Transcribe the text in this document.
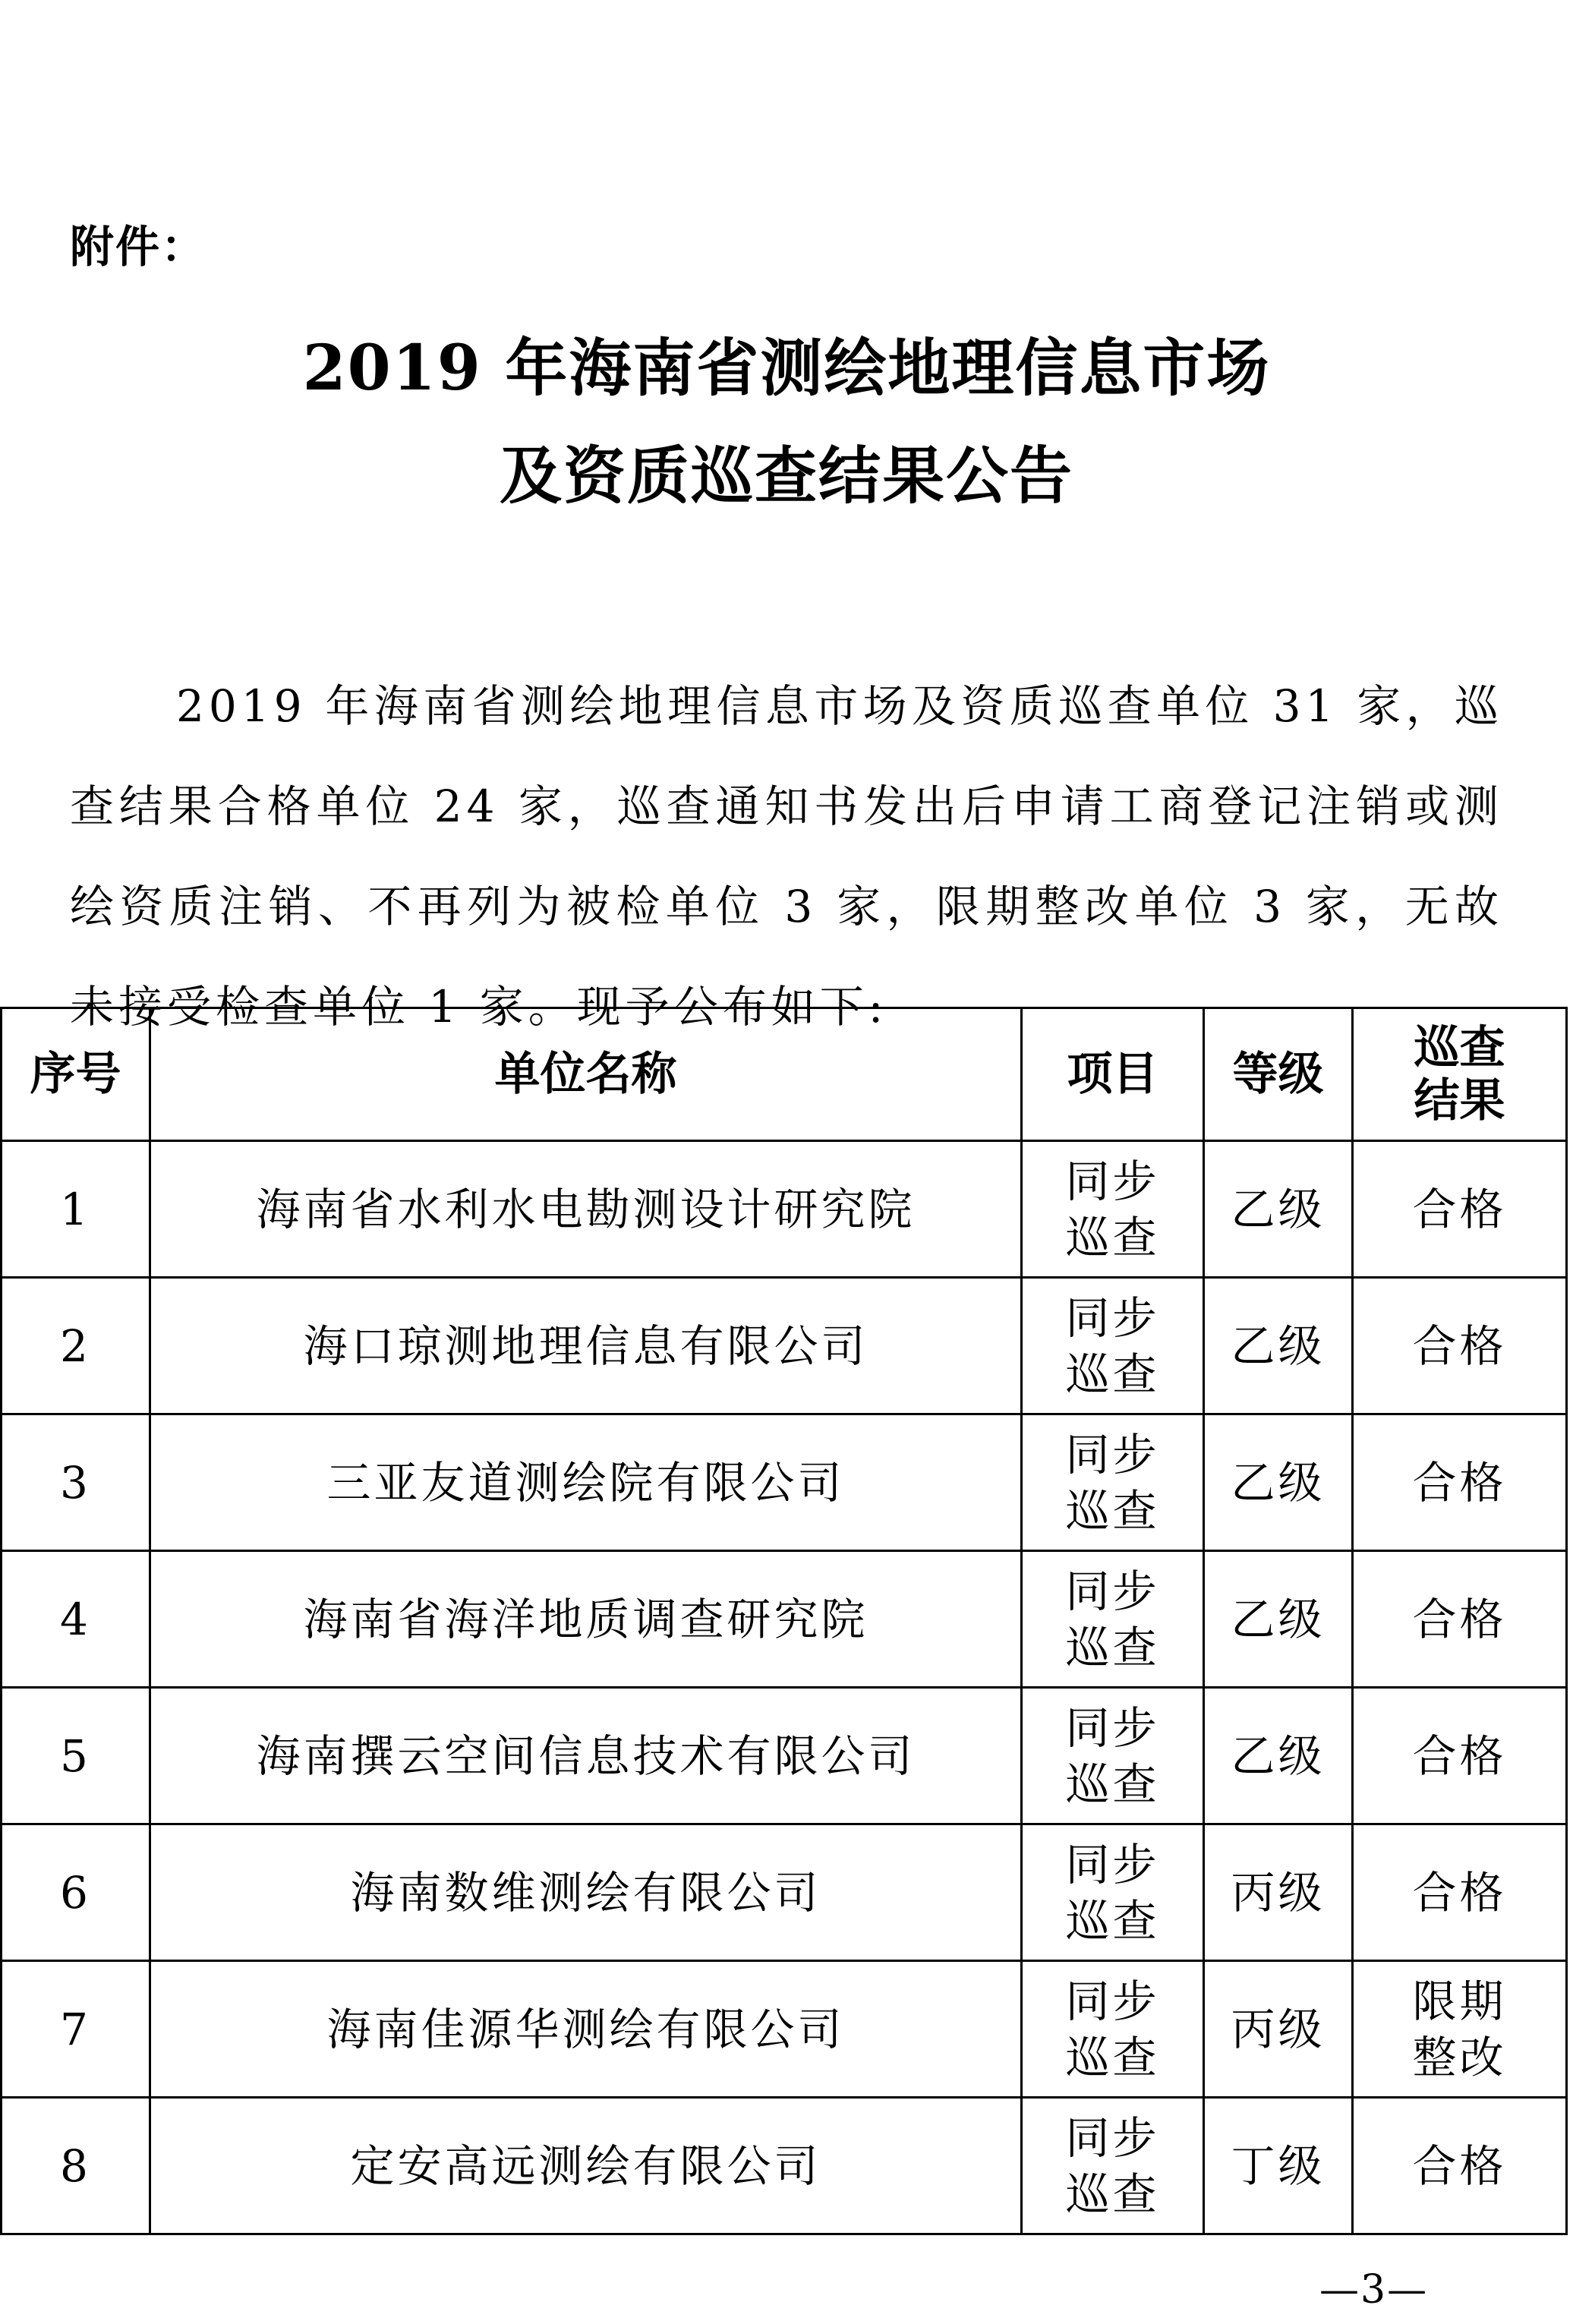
附件：
2019 年海南省测绘地理信息市场
及资质巡查结果公告

2019 年海南省测绘地理信息市场及资质巡查单位 31 家，巡查结果合格单位 24 家，巡查通知书发出后申请工商登记注销或测绘资质注销、不再列为被检单位 3 家，限期整改单位 3 家，无故未接受检查单位 1 家。现予公布如下:

序号	单位名称	项目	等级	巡查结果
1	海南省水利水电勘测设计研究院	同步巡查	乙级	合格
2	海口琼测地理信息有限公司	同步巡查	乙级	合格
3	三亚友道测绘院有限公司	同步巡查	乙级	合格
4	海南省海洋地质调查研究院	同步巡查	乙级	合格
5	海南撰云空间信息技术有限公司	同步巡查	乙级	合格
6	海南数维测绘有限公司	同步巡查	丙级	合格
7	海南佳源华测绘有限公司	同步巡查	丙级	限期整改
8	定安高远测绘有限公司	同步巡查	丁级	合格
—3—
